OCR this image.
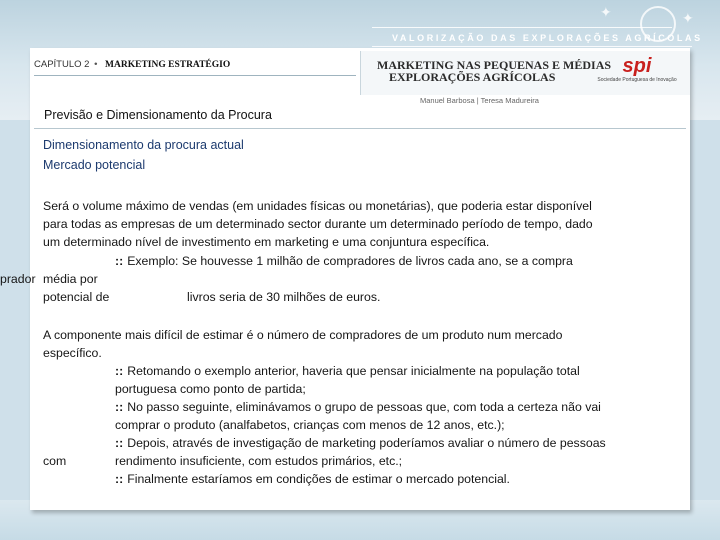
✦	✦
VALORIZAÇÃO DAS EXPLORAÇÕES AGRÍCOLAS
CAPÍTULO 2 • MARKETING ESTRATÉGIO	MARKETING NAS PEQUENAS E MÉDIAS
EXPLORAÇÕES AGRÍCOLAS	spi
Sociedade Portuguesa de Inovação
Manuel Barbosa | Teresa Madureira
Previsão e Dimensionamento da Procura
Dimensionamento da procura actual
Mercado potencial
Será o volume máximo de vendas (em unidades físicas ou monetárias), que poderia estar disponível
para todas as empresas de um determinado sector durante um determinado período de tempo, dado
um determinado nível de investimento em marketing e uma conjuntura específica.
:: Exemplo: Se houvesse 1 milhão de compradores de livros cada ano, se a compra
prador média por
potencial de	livros seria de 30 milhões de euros.
A componente mais difícil de estimar é o número de compradores de um produto num mercado
específico.
:: Retomando o exemplo anterior, haveria que pensar inicialmente na população total
portuguesa como ponto de partida;
:: No passo seguinte, eliminávamos o grupo de pessoas que, com toda a certeza não vai
comprar o produto (analfabetos, crianças com menos de 12 anos, etc.);
:: Depois, através de investigação de marketing poderíamos avaliar o número de pessoas
com	rendimento insuficiente, com estudos primários, etc.;
:: Finalmente estaríamos em condições de estimar o mercado potencial.
